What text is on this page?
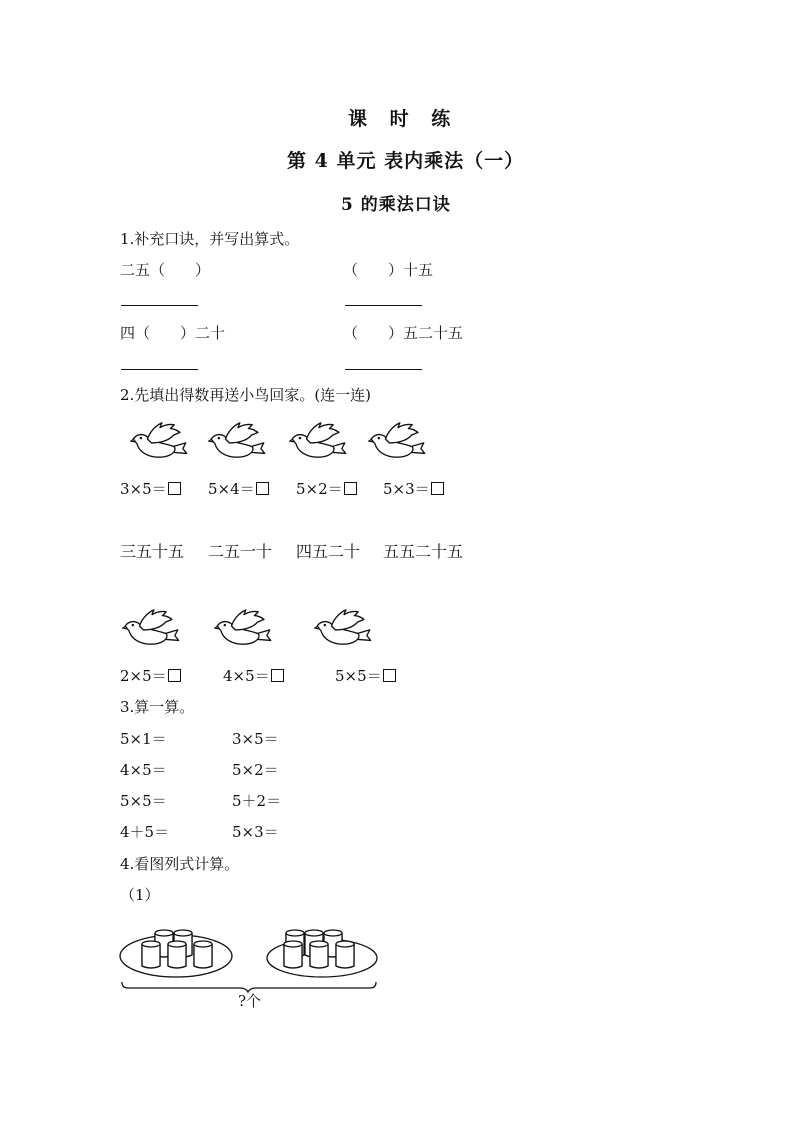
课 时 练
第 4 单元 表内乘法（一）
5 的乘法口诀
1.补充口诀，并写出算式。
二五（　　）	（　　）十五
四（　　）二十	（　　）五二十五
2.先填出得数再送小鸟回家。(连一连)
3×5＝	5×4＝	5×2＝	5×3＝
三五十五 二五一十 四五二十 五五二十五
2×5＝	4×5＝	5×5＝
3.算一算。
5×1＝	3×5＝
4×5＝	5×2＝
5×5＝	5＋2＝
4＋5＝	5×3＝
4.看图列式计算。
（1）
?个
